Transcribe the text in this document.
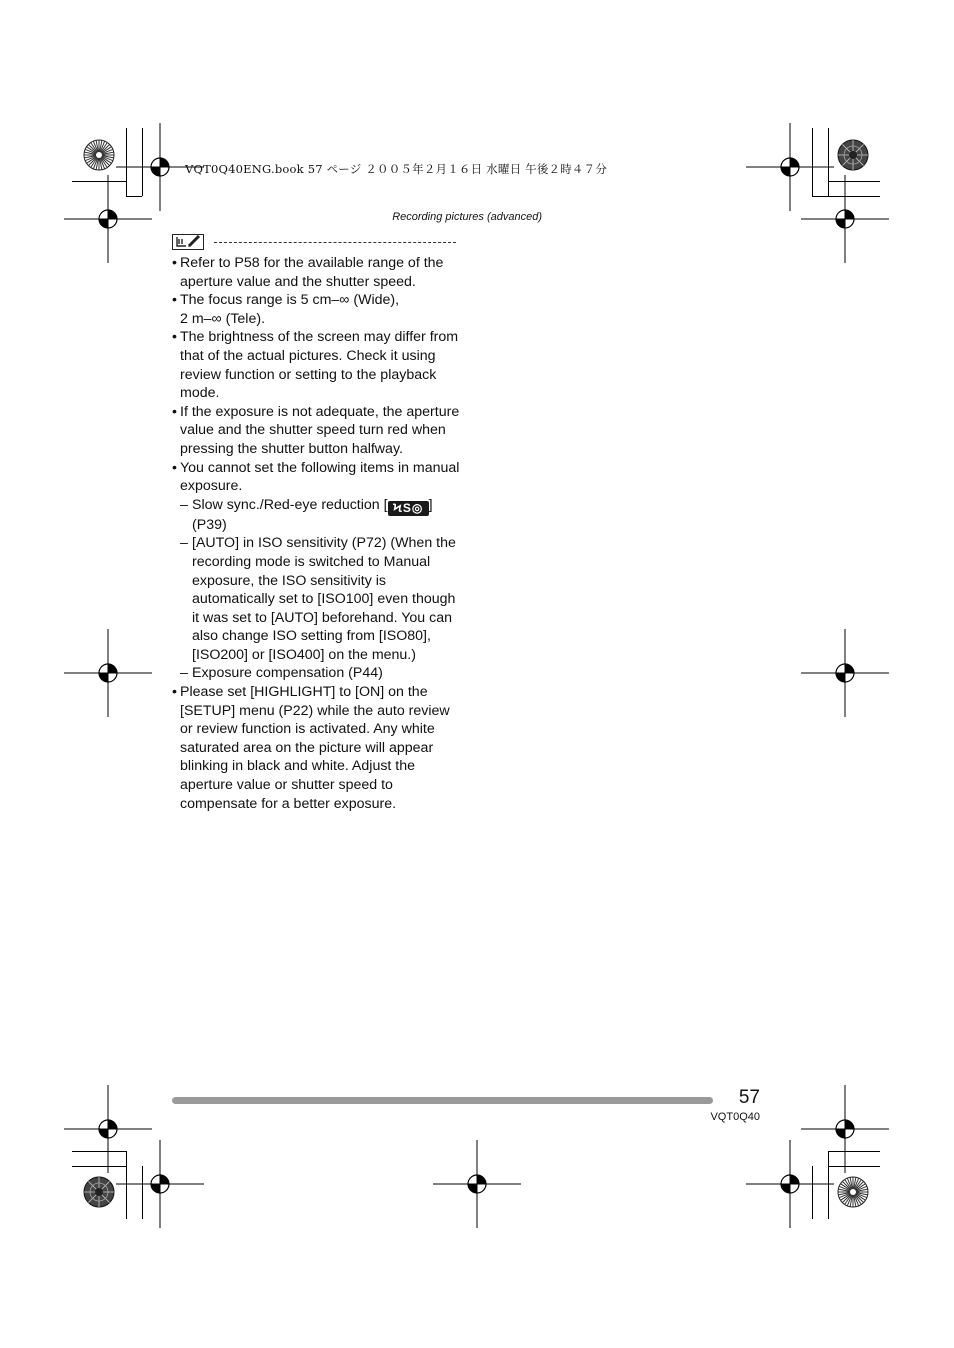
VQT0Q40ENG.book 57 ページ ２００５年２月１６日 水曜日 午後２時４７分
Recording pictures (advanced)
• Refer to P58 for the available range of the aperture value and the shutter speed.
• The focus range is 5 cm–∞ (Wide),
2 m–∞ (Tele).
• The brightness of the screen may differ from that of the actual pictures. Check it using review function or setting to the playback mode.
• If the exposure is not adequate, the aperture value and the shutter speed turn red when pressing the shutter button halfway.
• You cannot set the following items in manual exposure.
– Slow sync./Red-eye reduction [ ϞS◎ ]
(P39)
– [AUTO] in ISO sensitivity (P72) (When the recording mode is switched to Manual exposure, the ISO sensitivity is automatically set to [ISO100] even though it was set to [AUTO] beforehand. You can also change ISO setting from [ISO80], [ISO200] or [ISO400] on the menu.)
– Exposure compensation (P44)
• Please set [HIGHLIGHT] to [ON] on the [SETUP] menu (P22) while the auto review or review function is activated. Any white saturated area on the picture will appear blinking in black and white. Adjust the aperture value or shutter speed to compensate for a better exposure.
57
VQT0Q40
